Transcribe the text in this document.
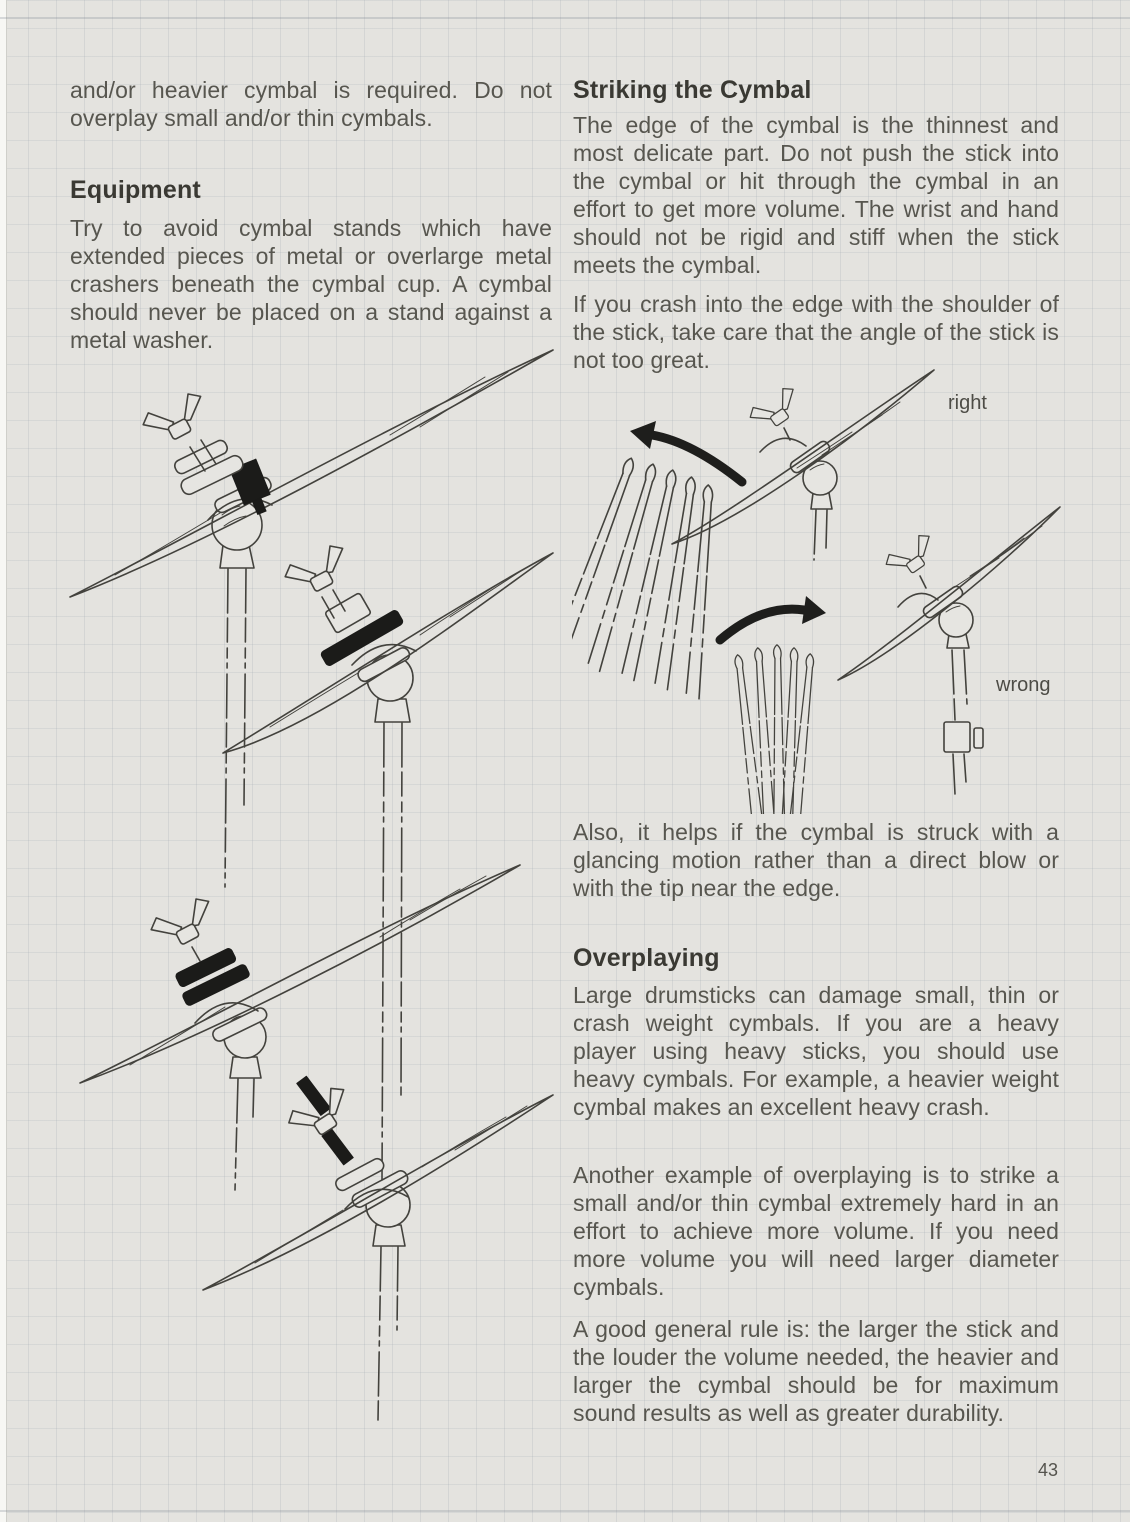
and/or heavier cymbal is required. Do not overplay small and/or thin cymbals.

Equipment

Try to avoid cymbal stands which have extended pieces of metal or overlarge metal crashers beneath the cymbal cup. A cymbal should never be placed on a stand against a metal washer.

Striking the Cymbal

The edge of the cymbal is the thinnest and most delicate part. Do not push the stick into the cymbal or hit through the cymbal in an effort to get more volume. The wrist and hand should not be rigid and stiff when the stick meets the cymbal.

If you crash into the edge with the shoulder of the stick, take care that the angle of the stick is not too great.

right
wrong

Also, it helps if the cymbal is struck with a glancing motion rather than a direct blow or with the tip near the edge.

Overplaying

Large drumsticks can damage small, thin or crash weight cymbals. If you are a heavy player using heavy sticks, you should use heavy cymbals. For example, a heavier weight cymbal makes an excellent heavy crash.

Another example of overplaying is to strike a small and/or thin cymbal extremely hard in an effort to achieve more volume. If you need more volume you will need larger diameter cymbals.

A good general rule is: the larger the stick and the louder the volume needed, the heavier and larger the cymbal should be for maximum sound results as well as greater durability.

43
